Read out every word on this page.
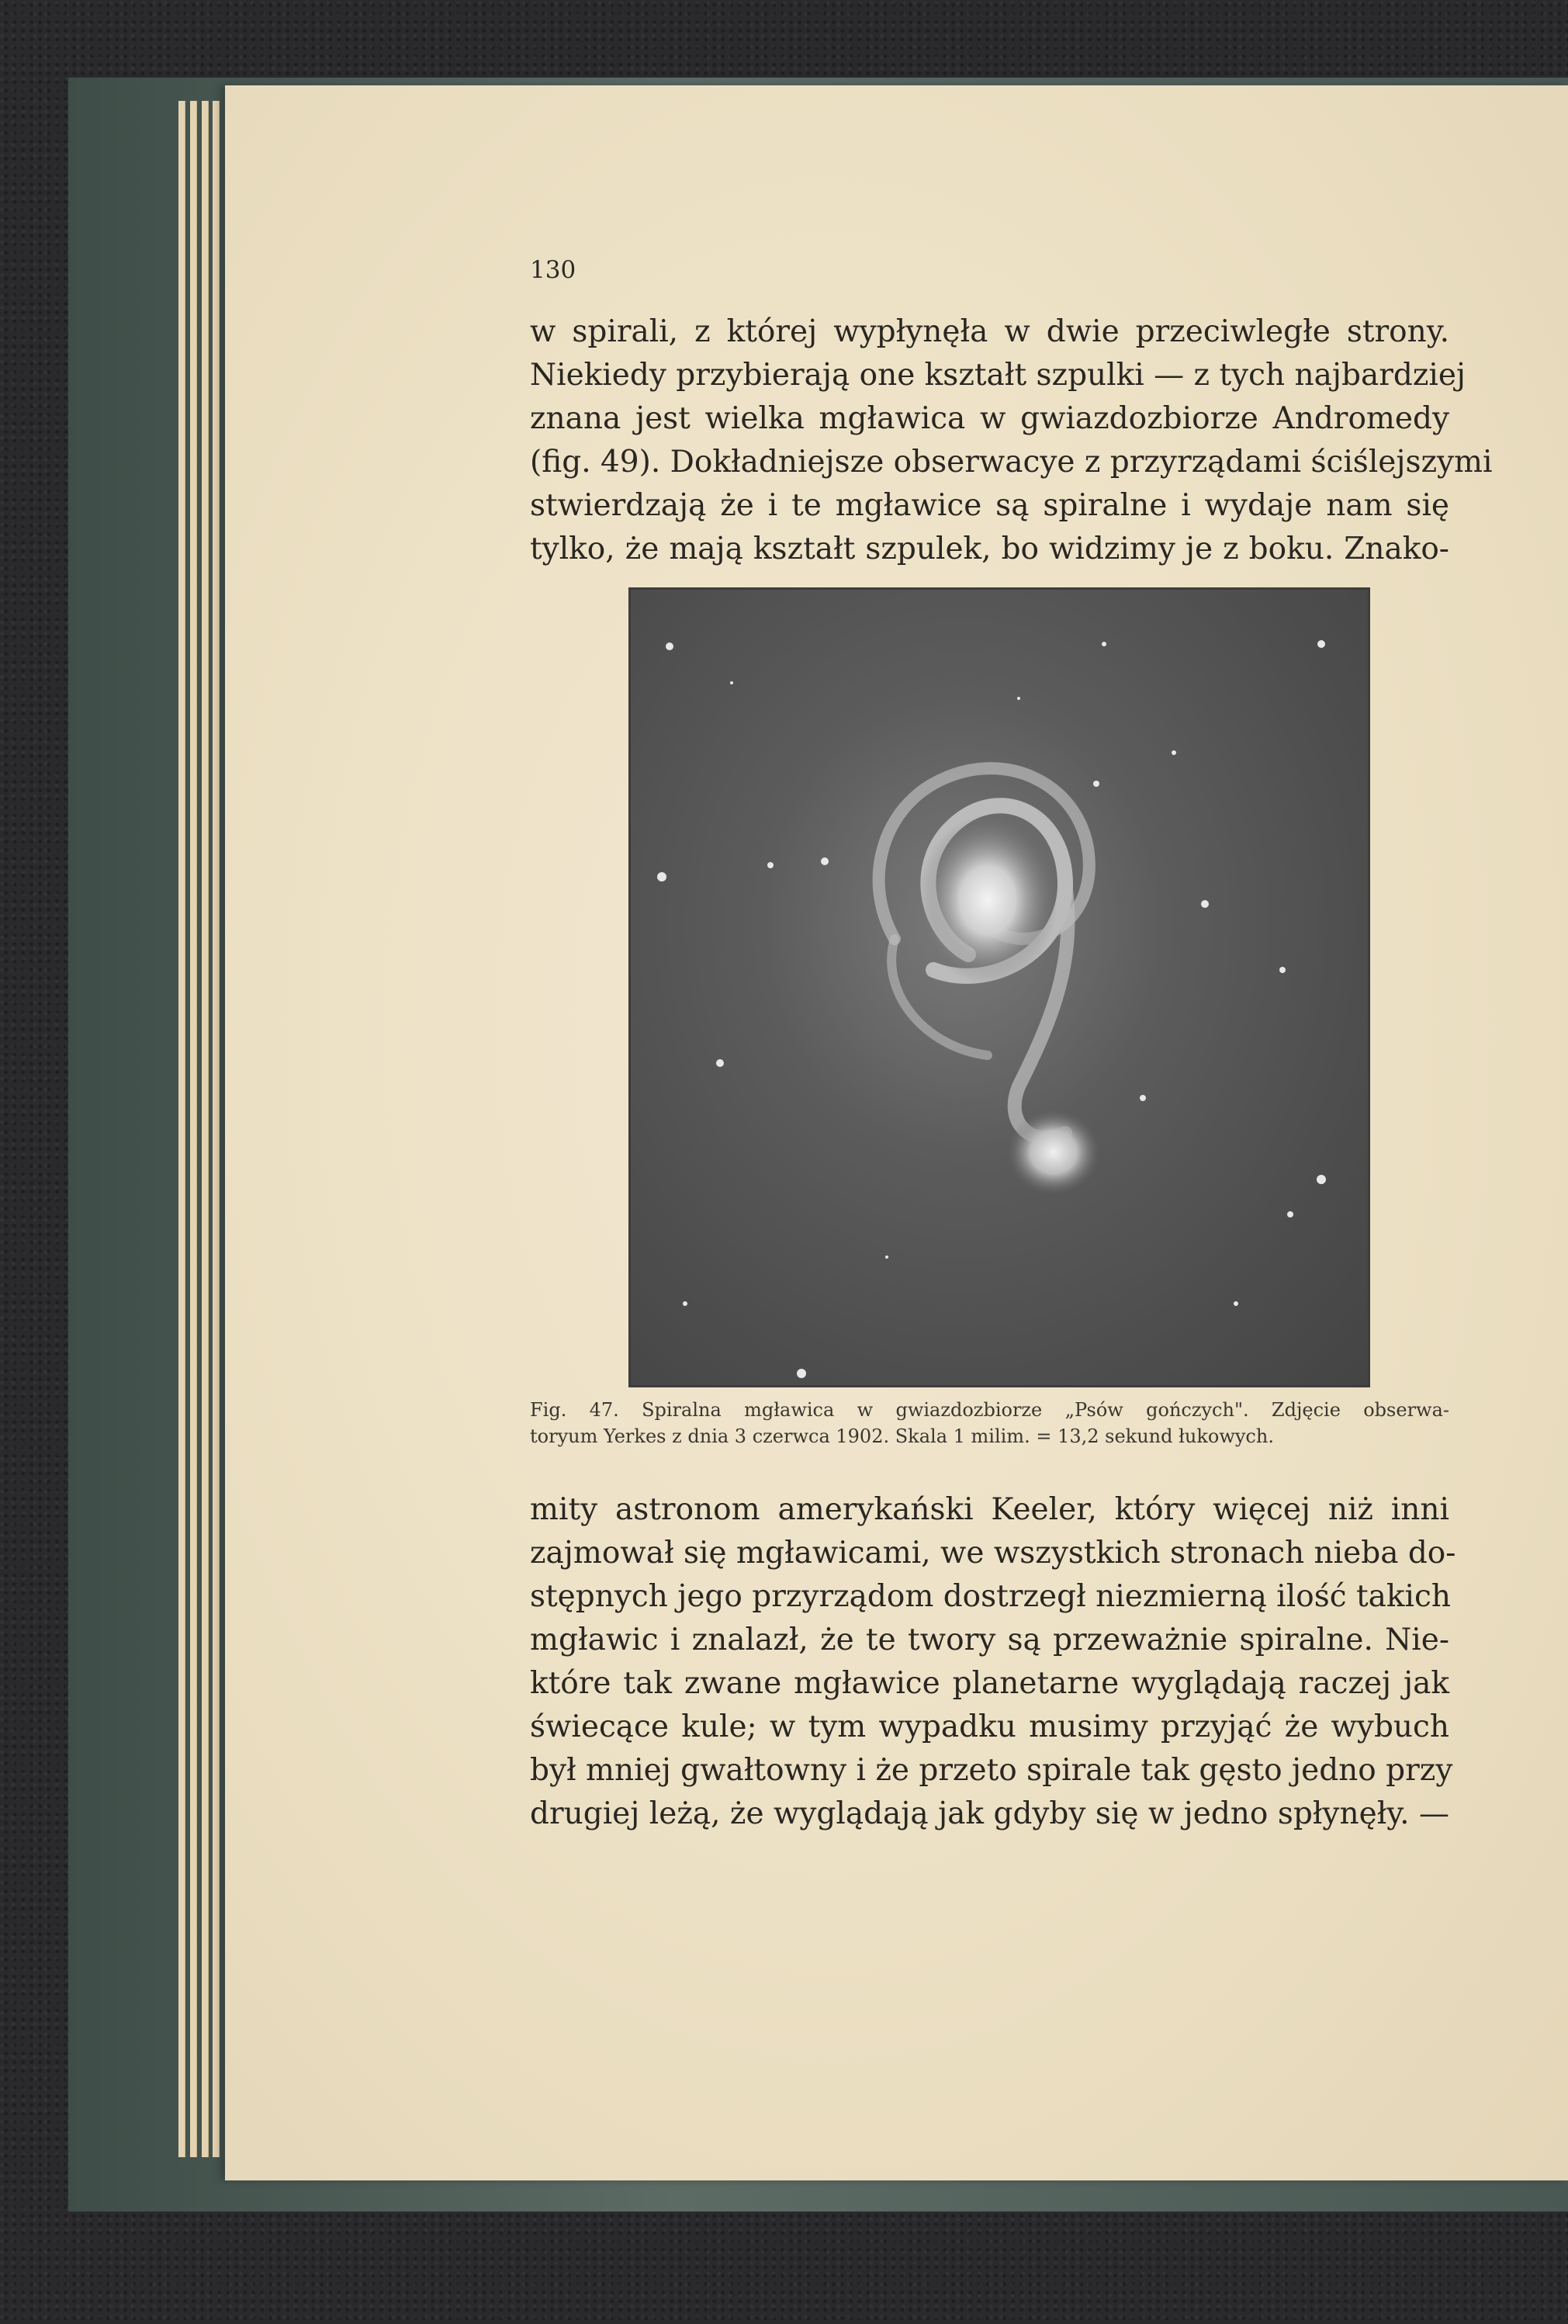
130
w spirali, z której wypłynęła w dwie przeciwległe strony.
Niekiedy przybierają one kształt szpulki — z tych najbardziej
znana jest wielka mgławica w gwiazdozbiorze Andromedy
(fig. 49). Dokładniejsze obserwacye z przyrządami ściślejszymi
stwierdzają że i te mgławice są spiralne i wydaje nam się
tylko, że mają kształt szpulek, bo widzimy je z boku. Znako-
Fig. 47. Spiralna mgławica w gwiazdozbiorze „Psów gończych". Zdjęcie obserwa-
toryum Yerkes z dnia 3 czerwca 1902. Skala 1 milim. = 13,2 sekund łukowych.
mity astronom amerykański Keeler, który więcej niż inni
zajmował się mgławicami, we wszystkich stronach nieba do-
stępnych jego przyrządom dostrzegł niezmierną ilość takich
mgławic i znalazł, że te twory są przeważnie spiralne. Nie-
które tak zwane mgławice planetarne wyglądają raczej jak
świecące kule; w tym wypadku musimy przyjąć że wybuch
był mniej gwałtowny i że przeto spirale tak gęsto jedno przy
drugiej leżą, że wyglądają jak gdyby się w jedno spłynęły. —
